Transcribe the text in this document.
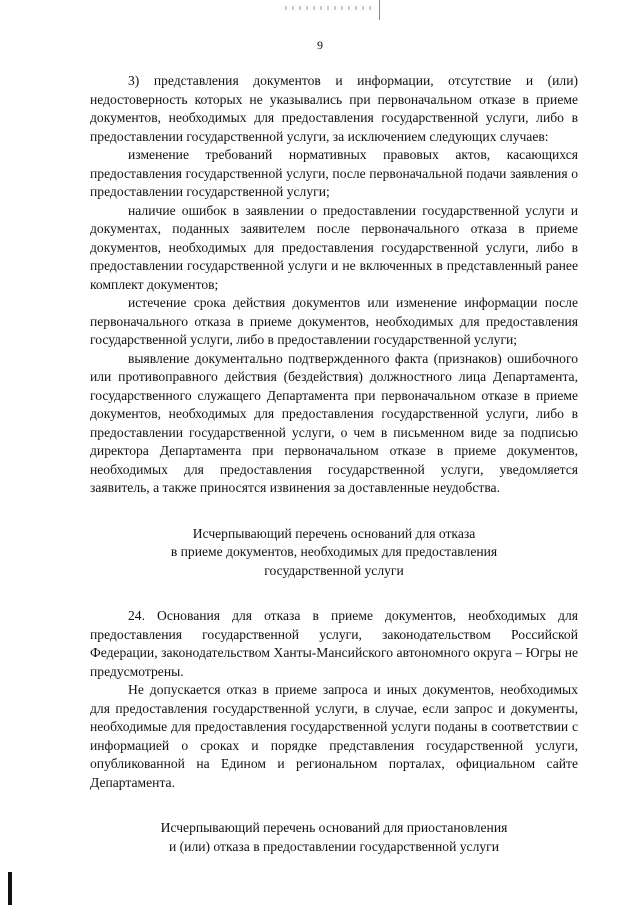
9

3) представления документов и информации, отсутствие и (или) недостоверность которых не указывались при первоначальном отказе в приеме документов, необходимых для предоставления государственной услуги, либо в предоставлении государственной услуги, за исключением следующих случаев:

изменение требований нормативных правовых актов, касающихся предоставления государственной услуги, после первоначальной подачи заявления о предоставлении государственной услуги;

наличие ошибок в заявлении о предоставлении государственной услуги и документах, поданных заявителем после первоначального отказа в приеме документов, необходимых для предоставления государственной услуги, либо в предоставлении государственной услуги и не включенных в представленный ранее комплект документов;

истечение срока действия документов или изменение информации после первоначального отказа в приеме документов, необходимых для предоставления государственной услуги, либо в предоставлении государственной услуги;

выявление документально подтвержденного факта (признаков) ошибочного или противоправного действия (бездействия) должностного лица Департамента, государственного служащего Департамента при первоначальном отказе в приеме документов, необходимых для предоставления государственной услуги, либо в предоставлении государственной услуги, о чем в письменном виде за подписью директора Департамента при первоначальном отказе в приеме документов, необходимых для предоставления государственной услуги, уведомляется заявитель, а также приносятся извинения за доставленные неудобства.

Исчерпывающий перечень оснований для отказа
в приеме документов, необходимых для предоставления
государственной услуги

24. Основания для отказа в приеме документов, необходимых для предоставления государственной услуги, законодательством Российской Федерации, законодательством Ханты-Мансийского автономного округа – Югры не предусмотрены.

Не допускается отказ в приеме запроса и иных документов, необходимых для предоставления государственной услуги, в случае, если запрос и документы, необходимые для предоставления государственной услуги поданы в соответствии с информацией о сроках и порядке представления государственной услуги, опубликованной на Едином и региональном порталах, официальном сайте Департамента.

Исчерпывающий перечень оснований для приостановления
и (или) отказа в предоставлении государственной услуги
